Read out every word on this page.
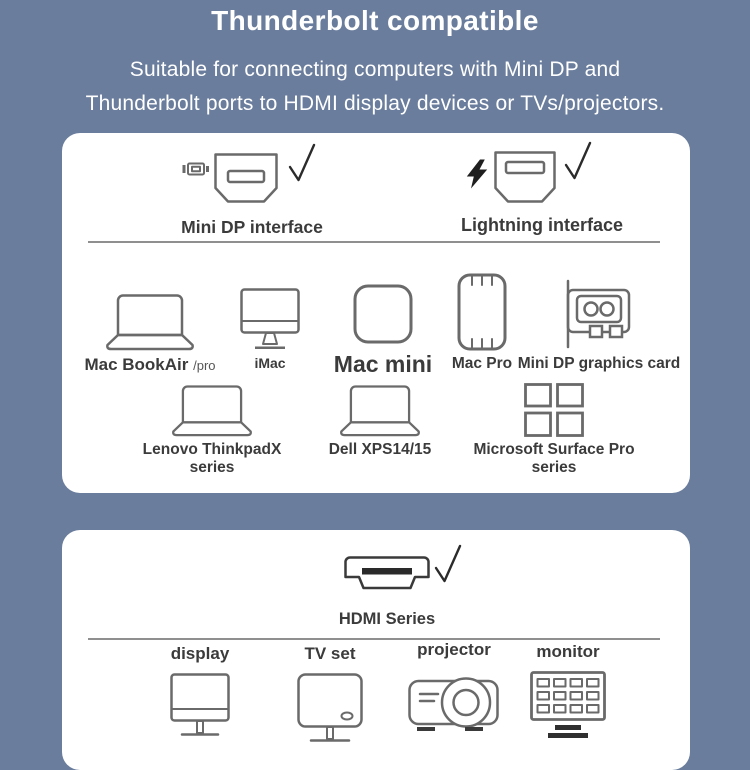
Thunderbolt compatible
Suitable for connecting computers with Mini DP and
Thunderbolt ports to HDMI display devices or TVs/projectors.
Mini DP interface	Lightning interface
Mac BookAir /pro	iMac	Mac mini	Mac Pro Mini DP graphics card
Lenovo ThinkpadX series
Dell XPS14/15	Microsoft Surface Pro series
HDMI Series
display	TV set	projector	monitor
